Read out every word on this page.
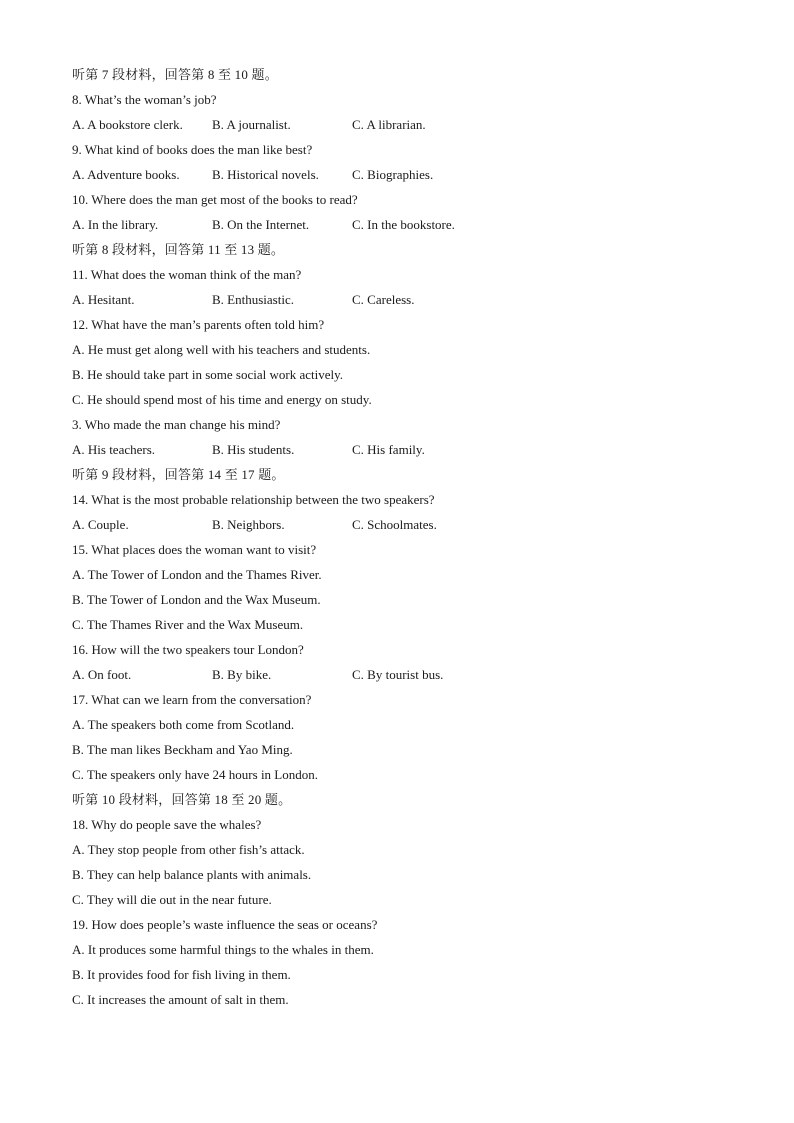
听第 7 段材料，回答第 8 至 10 题。
8. What’s the woman’s job?
A. A bookstore clerk.	B. A journalist.	C. A librarian.
9. What kind of books does the man like best?
A. Adventure books.	B. Historical novels.	C. Biographies.
10. Where does the man get most of the books to read?
A. In the library.	B. On the Internet.	C. In the bookstore.
听第 8 段材料，回答第 11 至 13 题。
11. What does the woman think of the man?
A. Hesitant.	B. Enthusiastic.	C. Careless.
12. What have the man’s parents often told him?
A. He must get along well with his teachers and students.
B. He should take part in some social work actively.
C. He should spend most of his time and energy on study.
3. Who made the man change his mind?
A. His teachers.	B. His students.	C. His family.
听第 9 段材料，回答第 14 至 17 题。
14. What is the most probable relationship between the two speakers?
A. Couple.	B. Neighbors.	C. Schoolmates.
15. What places does the woman want to visit?
A. The Tower of London and the Thames River.
B. The Tower of London and the Wax Museum.
C. The Thames River and the Wax Museum.
16. How will the two speakers tour London?
A. On foot.	B. By bike.	C. By tourist bus.
17. What can we learn from the conversation?
A. The speakers both come from Scotland.
B. The man likes Beckham and Yao Ming.
C. The speakers only have 24 hours in London.
听第 10 段材料，回答第 18 至 20 题。
18. Why do people save the whales?
A. They stop people from other fish’s attack.
B. They can help balance plants with animals.
C. They will die out in the near future.
19. How does people’s waste influence the seas or oceans?
A. It produces some harmful things to the whales in them.
B. It provides food for fish living in them.
C. It increases the amount of salt in them.
